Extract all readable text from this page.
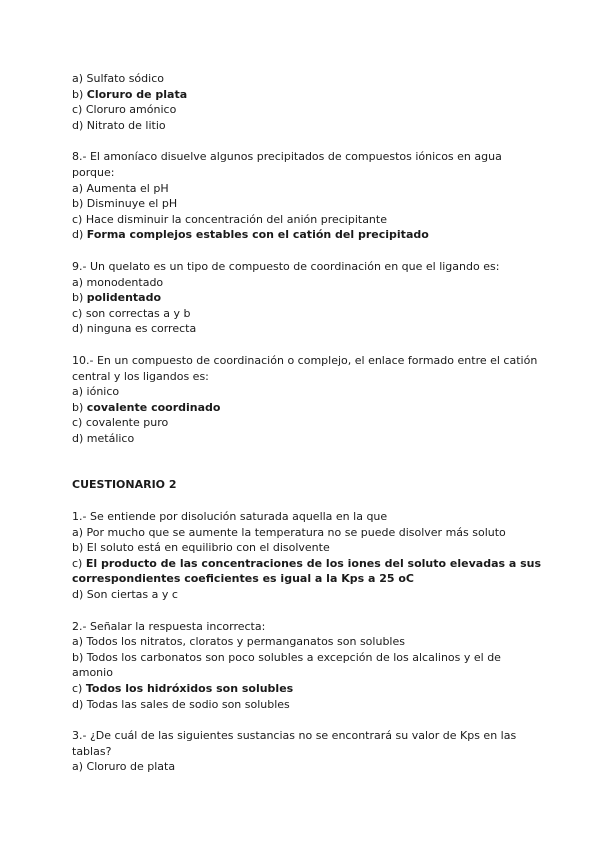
a) Sulfato sódico
b) Cloruro de plata
c) Cloruro amónico
d) Nitrato de litio
8.- El amoníaco disuelve algunos precipitados de compuestos iónicos en agua porque:
a) Aumenta el pH
b) Disminuye el pH
c) Hace disminuir la concentración del anión precipitante
d) Forma complejos estables con el catión del precipitado
9.- Un quelato es un tipo de compuesto de coordinación en que el ligando es:
a) monodentado
b) polidentado
c) son correctas a y b
d) ninguna es correcta
10.- En un compuesto de coordinación o complejo, el enlace formado entre el catión central y los ligandos es:
a) iónico
b) covalente coordinado
c) covalente puro
d) metálico
CUESTIONARIO 2
1.- Se entiende por disolución saturada aquella en la que
a) Por mucho que se aumente la temperatura no se puede disolver más soluto
b) El soluto está en equilibrio con el disolvente
c) El producto de las concentraciones de los iones del soluto elevadas a sus correspondientes coeficientes es igual a la Kps a 25 oC
d) Son ciertas a y c
2.- Señalar la respuesta incorrecta:
a) Todos los nitratos, cloratos y permanganatos son solubles
b) Todos los carbonatos son poco solubles a excepción de los alcalinos y el de amonio
c) Todos los hidróxidos son solubles
d) Todas las sales de sodio son solubles
3.- ¿De cuál de las siguientes sustancias no se encontrará su valor de Kps en las tablas?
a) Cloruro de plata
